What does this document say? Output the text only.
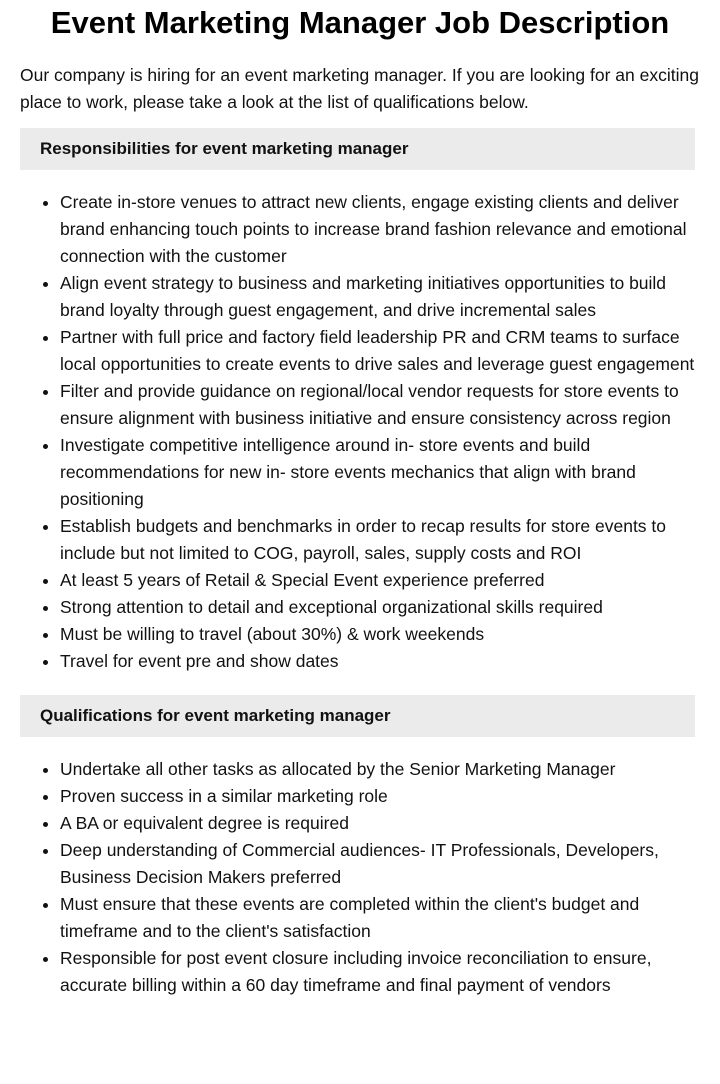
Event Marketing Manager Job Description

Our company is hiring for an event marketing manager. If you are looking for an exciting place to work, please take a look at the list of qualifications below.

Responsibilities for event marketing manager
• Create in-store venues to attract new clients, engage existing clients and deliver brand enhancing touch points to increase brand fashion relevance and emotional connection with the customer
• Align event strategy to business and marketing initiatives opportunities to build brand loyalty through guest engagement, and drive incremental sales
• Partner with full price and factory field leadership PR and CRM teams to surface local opportunities to create events to drive sales and leverage guest engagement
• Filter and provide guidance on regional/local vendor requests for store events to ensure alignment with business initiative and ensure consistency across region
• Investigate competitive intelligence around in- store events and build recommendations for new in- store events mechanics that align with brand positioning
• Establish budgets and benchmarks in order to recap results for store events to include but not limited to COG, payroll, sales, supply costs and ROI
• At least 5 years of Retail & Special Event experience preferred
• Strong attention to detail and exceptional organizational skills required
• Must be willing to travel (about 30%) & work weekends
• Travel for event pre and show dates
Qualifications for event marketing manager
• Undertake all other tasks as allocated by the Senior Marketing Manager
• Proven success in a similar marketing role
• A BA or equivalent degree is required
• Deep understanding of Commercial audiences- IT Professionals, Developers, Business Decision Makers preferred
• Must ensure that these events are completed within the client's budget and timeframe and to the client's satisfaction
• Responsible for post event closure including invoice reconciliation to ensure, accurate billing within a 60 day timeframe and final payment of vendors
